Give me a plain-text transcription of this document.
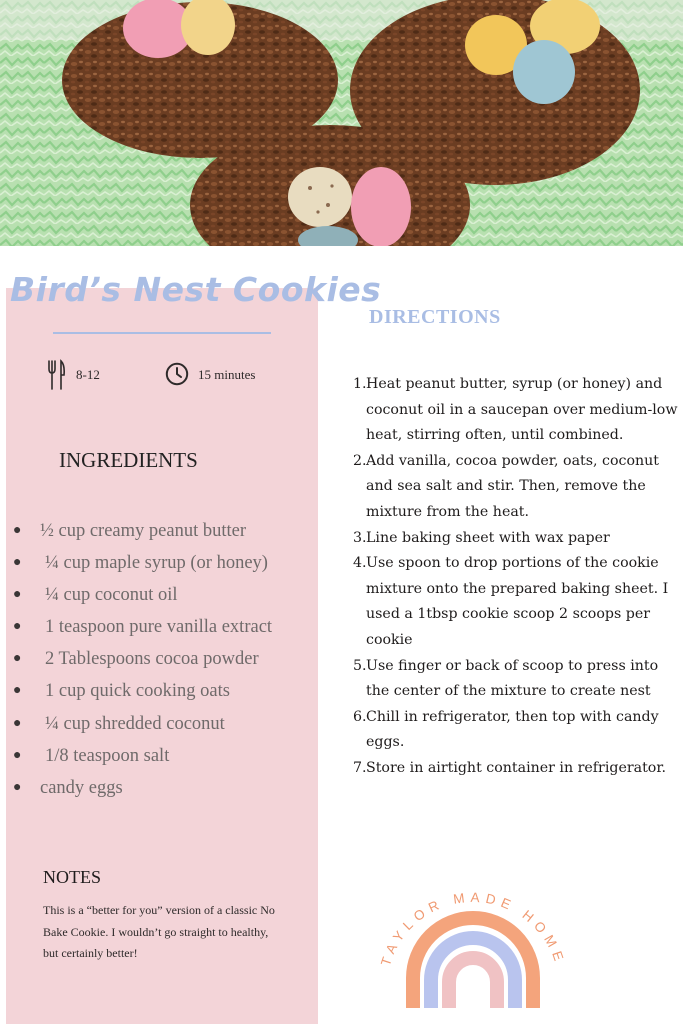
Bird’s Nest Cookies
8-12	15 minutes
INGREDIENTS
● ½ cup creamy peanut butter
● ¼ cup maple syrup (or honey)
● ¼ cup coconut oil
● 1 teaspoon pure vanilla extract
● 2 Tablespoons cocoa powder
● 1 cup quick cooking oats
● ¼ cup shredded coconut
● 1/8 teaspoon salt
● candy eggs
NOTES
This is a “better for you” version of a classic No Bake Cookie. I wouldn’t go straight to healthy, but certainly better!
DIRECTIONS
1. Heat peanut butter, syrup (or honey) and coconut oil in a saucepan over medium-low heat, stirring often, until combined.
2. Add vanilla, cocoa powder, oats, coconut and sea salt and stir. Then, remove the mixture from the heat.
3. Line baking sheet with wax paper
4. Use spoon to drop portions of the cookie mixture onto the prepared baking sheet. I used a 1tbsp cookie scoop 2 scoops per cookie
5. Use finger or back of scoop to press into the center of the mixture to create nest
6. Chill in refrigerator, then top with candy eggs.
7. Store in airtight container in refrigerator.
TAYLOR MADE HOME
